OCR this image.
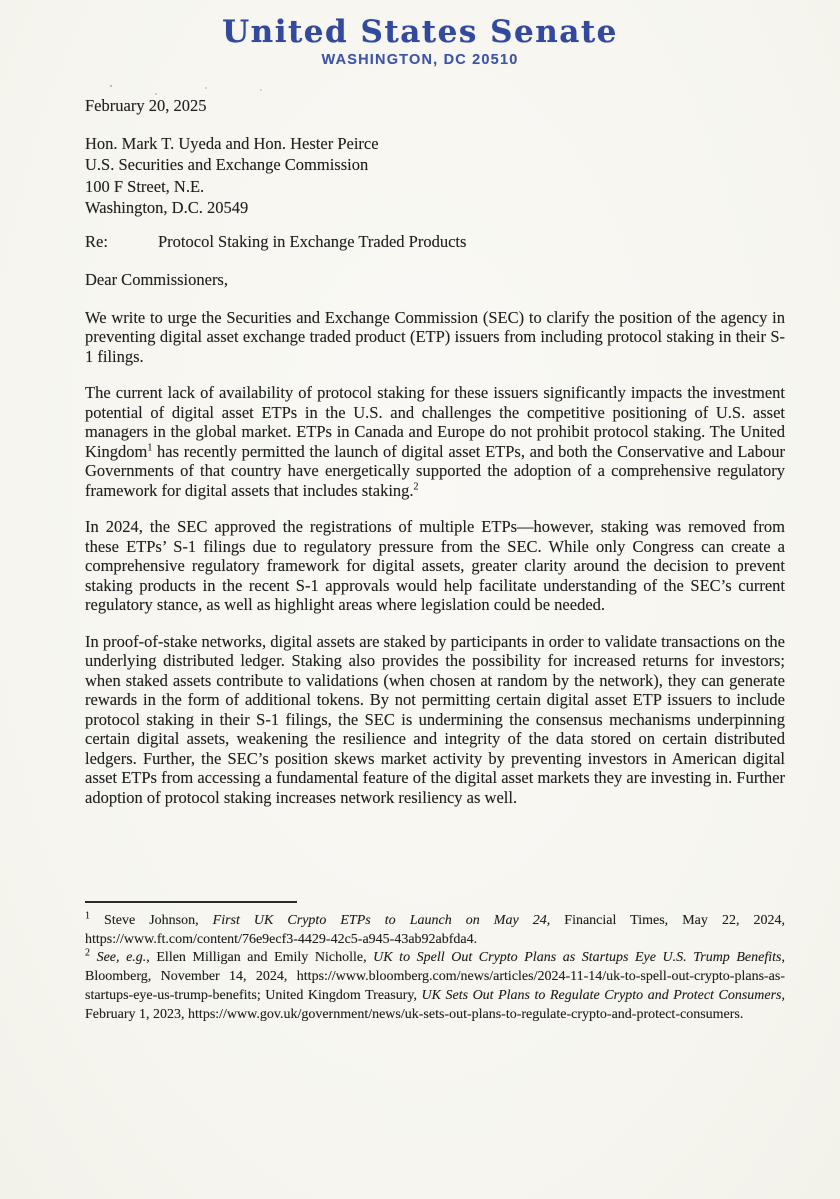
United States Senate
WASHINGTON, DC 20510
February 20, 2025
Hon. Mark T. Uyeda and Hon. Hester Peirce
U.S. Securities and Exchange Commission
100 F Street, N.E.
Washington, D.C. 20549
Re:	Protocol Staking in Exchange Traded Products
Dear Commissioners,

We write to urge the Securities and Exchange Commission (SEC) to clarify the position of the agency in preventing digital asset exchange traded product (ETP) issuers from including protocol staking in their S-1 filings.

The current lack of availability of protocol staking for these issuers significantly impacts the investment potential of digital asset ETPs in the U.S. and challenges the competitive positioning of U.S. asset managers in the global market. ETPs in Canada and Europe do not prohibit protocol staking. The United Kingdom$^1$ has recently permitted the launch of digital asset ETPs, and both the Conservative and Labour Governments of that country have energetically supported the adoption of a comprehensive regulatory framework for digital assets that includes staking.$^2$

In 2024, the SEC approved the registrations of multiple ETPs—however, staking was removed from these ETPs’ S-1 filings due to regulatory pressure from the SEC. While only Congress can create a comprehensive regulatory framework for digital assets, greater clarity around the decision to prevent staking products in the recent S-1 approvals would help facilitate understanding of the SEC’s current regulatory stance, as well as highlight areas where legislation could be needed.

In proof-of-stake networks, digital assets are staked by participants in order to validate transactions on the underlying distributed ledger. Staking also provides the possibility for increased returns for investors; when staked assets contribute to validations (when chosen at random by the network), they can generate rewards in the form of additional tokens. By not permitting certain digital asset ETP issuers to include protocol staking in their S-1 filings, the SEC is undermining the consensus mechanisms underpinning certain digital assets, weakening the resilience and integrity of the data stored on certain distributed ledgers. Further, the SEC’s position skews market activity by preventing investors in American digital asset ETPs from accessing a fundamental feature of the digital asset markets they are investing in. Further adoption of protocol staking increases network resiliency as well.

$^1$ Steve Johnson, First UK Crypto ETPs to Launch on May 24, Financial Times, May 22, 2024, https://www.ft.com/content/76e9ecf3-4429-42c5-a945-43ab92abfda4.

$^2$ See, e.g., Ellen Milligan and Emily Nicholle, UK to Spell Out Crypto Plans as Startups Eye U.S. Trump Benefits, Bloomberg, November 14, 2024, https://www.bloomberg.com/news/articles/2024-11-14/uk-to-spell-out-crypto-plans-as-startups-eye-us-trump-benefits; United Kingdom Treasury, UK Sets Out Plans to Regulate Crypto and Protect Consumers, February 1, 2023, https://www.gov.uk/government/news/uk-sets-out-plans-to-regulate-crypto-and-protect-consumers.
